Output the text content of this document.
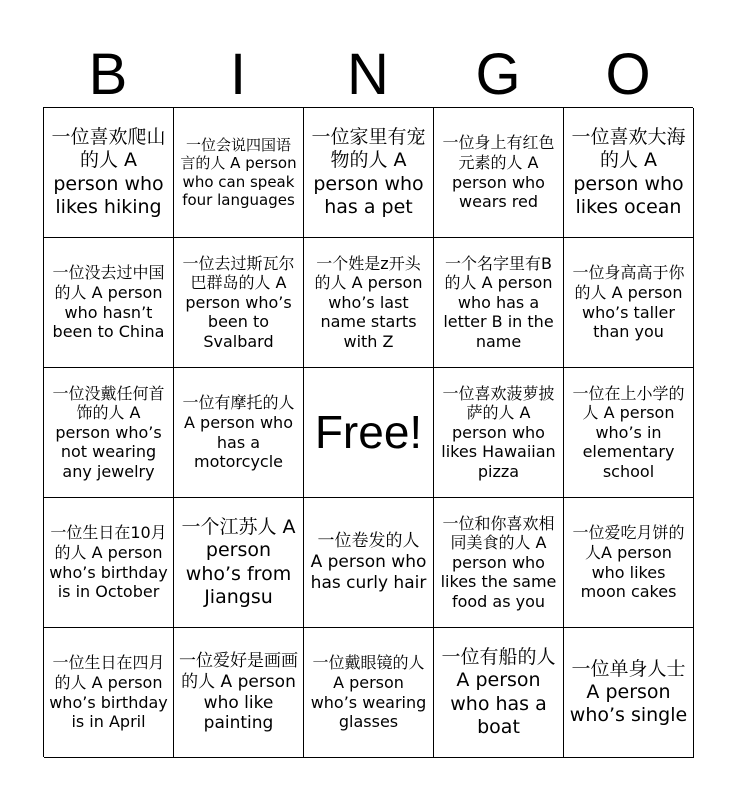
B	I	N	G	O
一位喜欢爬山的人 A person who likes hiking
一位会说四国语言的人 A person who can speak four languages
一位家里有宠物的人 A person who has a pet
一位身上有红色元素的人 A person who wears red
一位喜欢大海的人 A person who likes ocean
一位没去过中国的人 A person who hasn’t been to China
一位去过斯瓦尔巴群岛的人 A person who’s been to Svalbard
一个姓是z开头的人 A person who’s last name starts with Z
一个名字里有B的人 A person who has a letter B in the name
一位身高高于你的人 A person who’s taller than you
一位没戴任何首饰的人 A person who’s not wearing any jewelry
一位有摩托的人 A person who has a motorcycle
Free!
一位喜欢菠萝披萨的人 A person who likes Hawaiian pizza
一位在上小学的人 A person who’s in elementary school
一位生日在10月的人 A person who’s birthday is in October
一个江苏人 A person who’s from Jiangsu
一位卷发的人 A person who has curly hair
一位和你喜欢相同美食的人 A person who likes the same food as you
一位爱吃月饼的人A person who likes moon cakes
一位生日在四月的人 A person who’s birthday is in April
一位爱好是画画的人 A person who like painting
一位戴眼镜的人 A person who’s wearing glasses
一位有船的人 A person who has a boat
一位单身人士 A person who’s single
